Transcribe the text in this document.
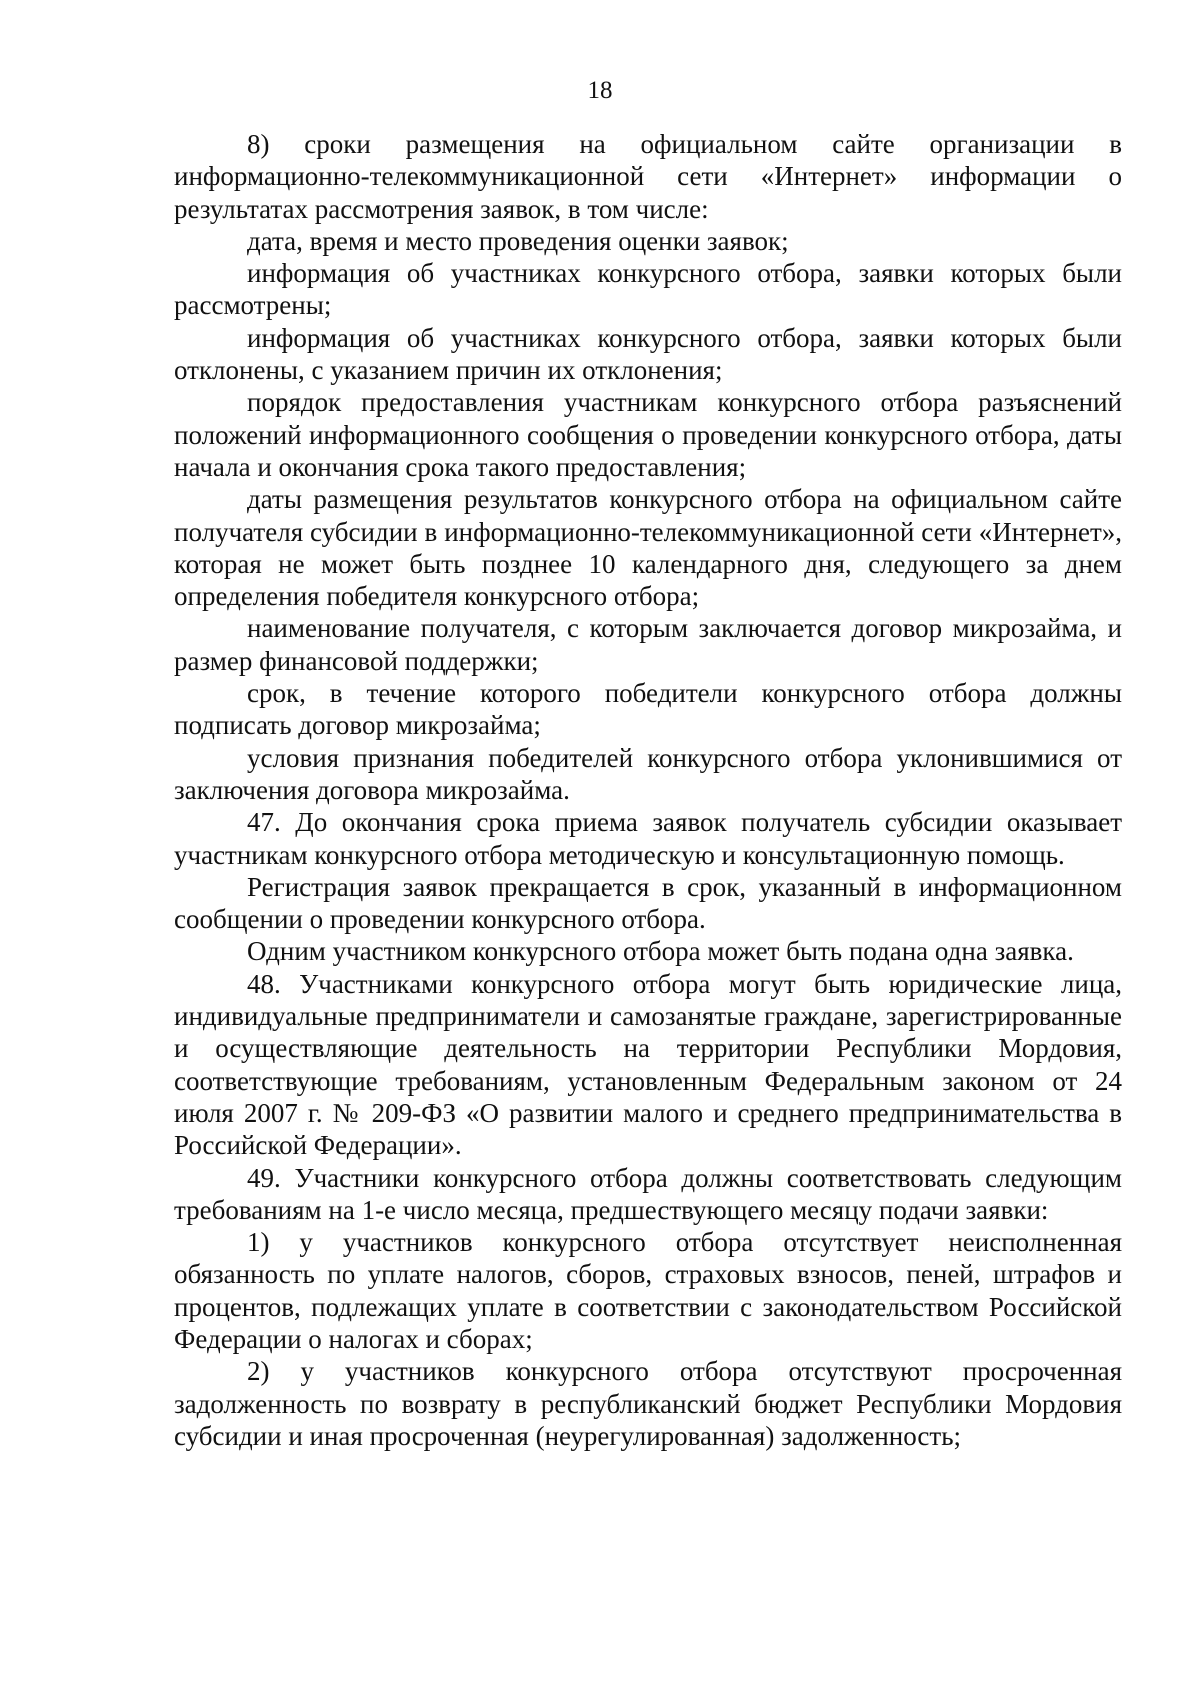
18

8) сроки размещения на официальном сайте организации в информационно-телекоммуникационной сети «Интернет» информации о результатах рассмотрения заявок, в том числе:

дата, время и место проведения оценки заявок;

информация об участниках конкурсного отбора, заявки которых были рассмотрены;

информация об участниках конкурсного отбора, заявки которых были отклонены, с указанием причин их отклонения;

порядок предоставления участникам конкурсного отбора разъяснений положений информационного сообщения о проведении конкурсного отбора, даты начала и окончания срока такого предоставления;

даты размещения результатов конкурсного отбора на официальном сайте получателя субсидии в информационно-телекоммуникационной сети «Интернет», которая не может быть позднее 10 календарного дня, следующего за днем определения победителя конкурсного отбора;

наименование получателя, с которым заключается договор микрозайма, и размер финансовой поддержки;

срок, в течение которого победители конкурсного отбора должны подписать договор микрозайма;

условия признания победителей конкурсного отбора уклонившимися от заключения договора микрозайма.

47. До окончания срока приема заявок получатель субсидии оказывает участникам конкурсного отбора методическую и консультационную помощь.

Регистрация заявок прекращается в срок, указанный в информационном сообщении о проведении конкурсного отбора.

Одним участником конкурсного отбора может быть подана одна заявка.

48. Участниками конкурсного отбора могут быть юридические лица, индивидуальные предприниматели и самозанятые граждане, зарегистрированные и осуществляющие деятельность на территории Республики Мордовия, соответствующие требованиям, установленным Федеральным законом от 24 июля 2007 г. № 209-ФЗ «О развитии малого и среднего предпринимательства в Российской Федерации».

49. Участники конкурсного отбора должны соответствовать следующим требованиям на 1-е число месяца, предшествующего месяцу подачи заявки:

1) у участников конкурсного отбора отсутствует неисполненная обязанность по уплате налогов, сборов, страховых взносов, пеней, штрафов и процентов, подлежащих уплате в соответствии с законодательством Российской Федерации о налогах и сборах;

2) у участников конкурсного отбора отсутствуют просроченная задолженность по возврату в республиканский бюджет Республики Мордовия субсидии и иная просроченная (неурегулированная) задолженность;
